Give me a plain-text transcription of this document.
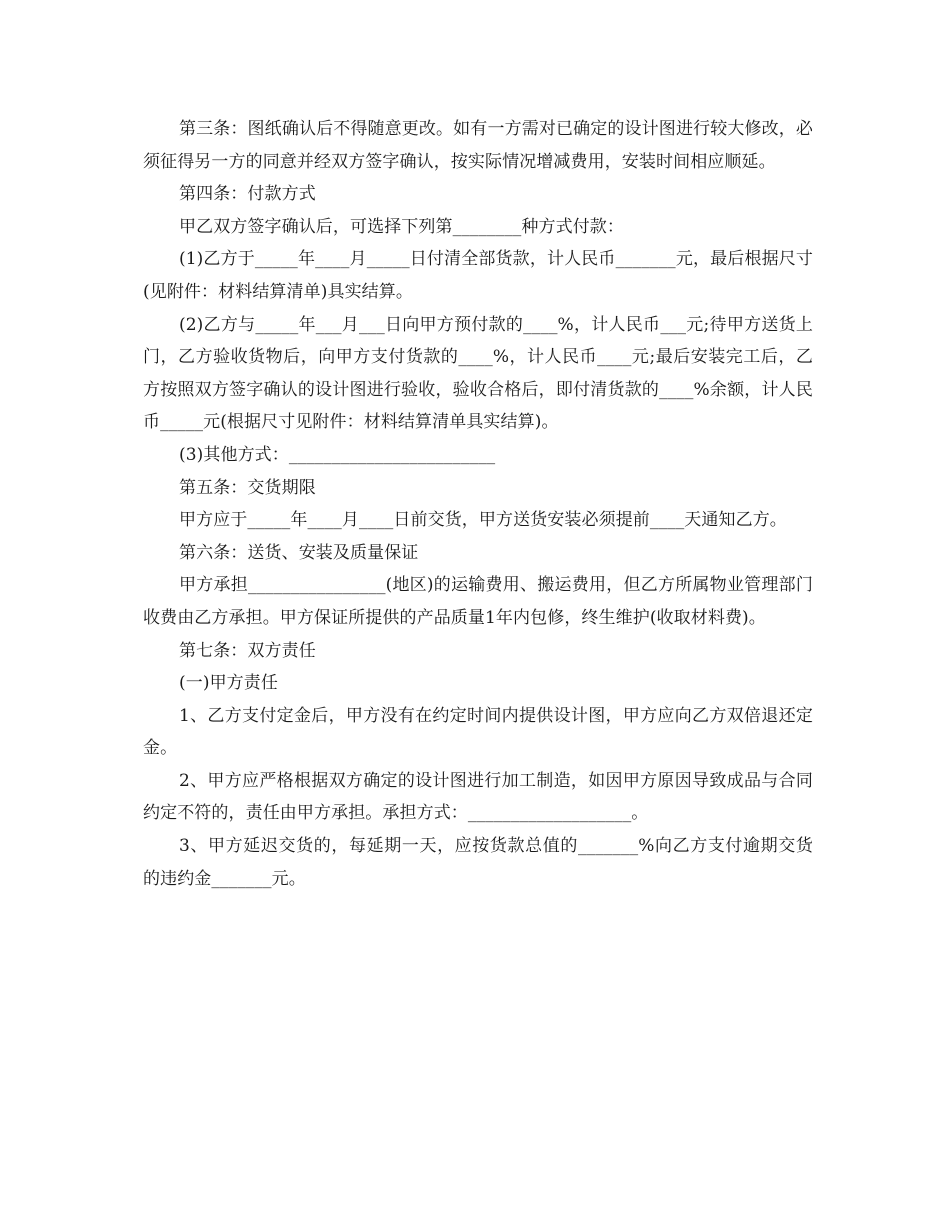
第三条：图纸确认后不得随意更改。如有一方需对已确定的设计图进行较大修改，必须征得另一方的同意并经双方签字确认，按实际情况增减费用，安装时间相应顺延。

第四条：付款方式

甲乙双方签字确认后，可选择下列第________种方式付款：

(1)乙方于_____年____月_____日付清全部货款，计人民币_______元，最后根据尺寸(见附件：材料结算清单)具实结算。

(2)乙方与_____年___月___日向甲方预付款的____%，计人民币___元;待甲方送货上门，乙方验收货物后，向甲方支付货款的____%，计人民币____元;最后安装完工后，乙方按照双方签字确认的设计图进行验收，验收合格后，即付清货款的____%余额，计人民币_____元(根据尺寸见附件：材料结算清单具实结算)。

(3)其他方式：________________________

第五条：交货期限

甲方应于_____年____月____日前交货，甲方送货安装必须提前____天通知乙方。

第六条：送货、安装及质量保证

甲方承担________________(地区)的运输费用、搬运费用，但乙方所属物业管理部门收费由乙方承担。甲方保证所提供的产品质量1年内包修，终生维护(收取材料费)。

第七条：双方责任

(一)甲方责任

1、乙方支付定金后，甲方没有在约定时间内提供设计图，甲方应向乙方双倍退还定金。

2、甲方应严格根据双方确定的设计图进行加工制造，如因甲方原因导致成品与合同约定不符的，责任由甲方承担。承担方式：___________________。

3、甲方延迟交货的，每延期一天，应按货款总值的_______%向乙方支付逾期交货的违约金_______元。
